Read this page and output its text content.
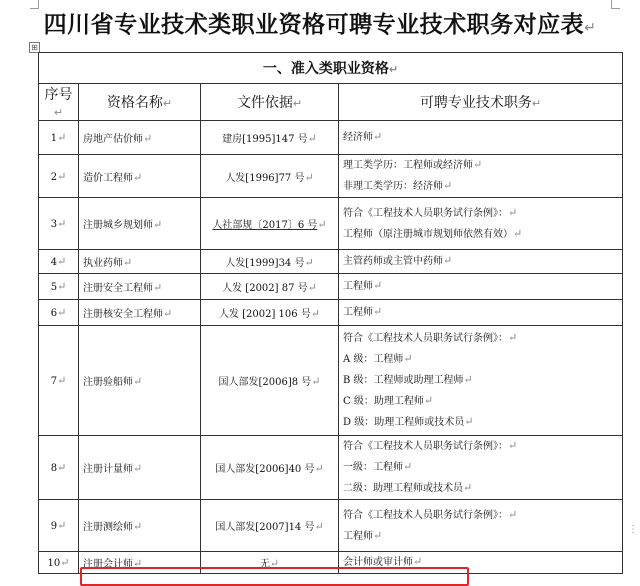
四川省专业技术类职业资格可聘专业技术职务对应表↵
⊞
一、准入类职业资格↵			
序号↵	资格名称↵	文件依据↵	可聘专业技术职务↵
1↵	房地产估价师↵	建房[1995]147 号↵	经济师↵

2↵	造价工程师↵	人发[1996]77 号↵	理工类学历：工程师或经济师↵
非理工类学历：经济师↵

3↵	注册城乡规划师↵	人社部规〔2017〕6 号↵	符合《工程技术人员职务试行条例》：↵
工程师（原注册城市规划师依然有效）↵

4↵	执业药师↵	人发[1999]34 号↵	主管药师或主管中药师↵

5↵	注册安全工程师↵	人发 [2002] 87 号↵	工程师↵

6↵	注册核安全工程师↵	人发 [2002] 106 号↵	工程师↵

7↵	注册验船师↵	国人部发[2006]8 号↵	符合《工程技术人员职务试行条例》：↵
A 级：工程师↵
B 级：工程师或助理工程师↵
C 级：助理工程师↵
D 级：助理工程师或技术员↵

8↵	注册计量师↵	国人部发[2006]40 号↵	符合《工程技术人员职务试行条例》：↵
一级：工程师↵
二级：助理工程师或技术员↵

9↵	注册测绘师↵	国人部发[2007]14 号↵	符合《工程技术人员职务试行条例》：↵
工程师↵

10↵	注册会计师↵	无↵	会计师或审计师↵
⋮
